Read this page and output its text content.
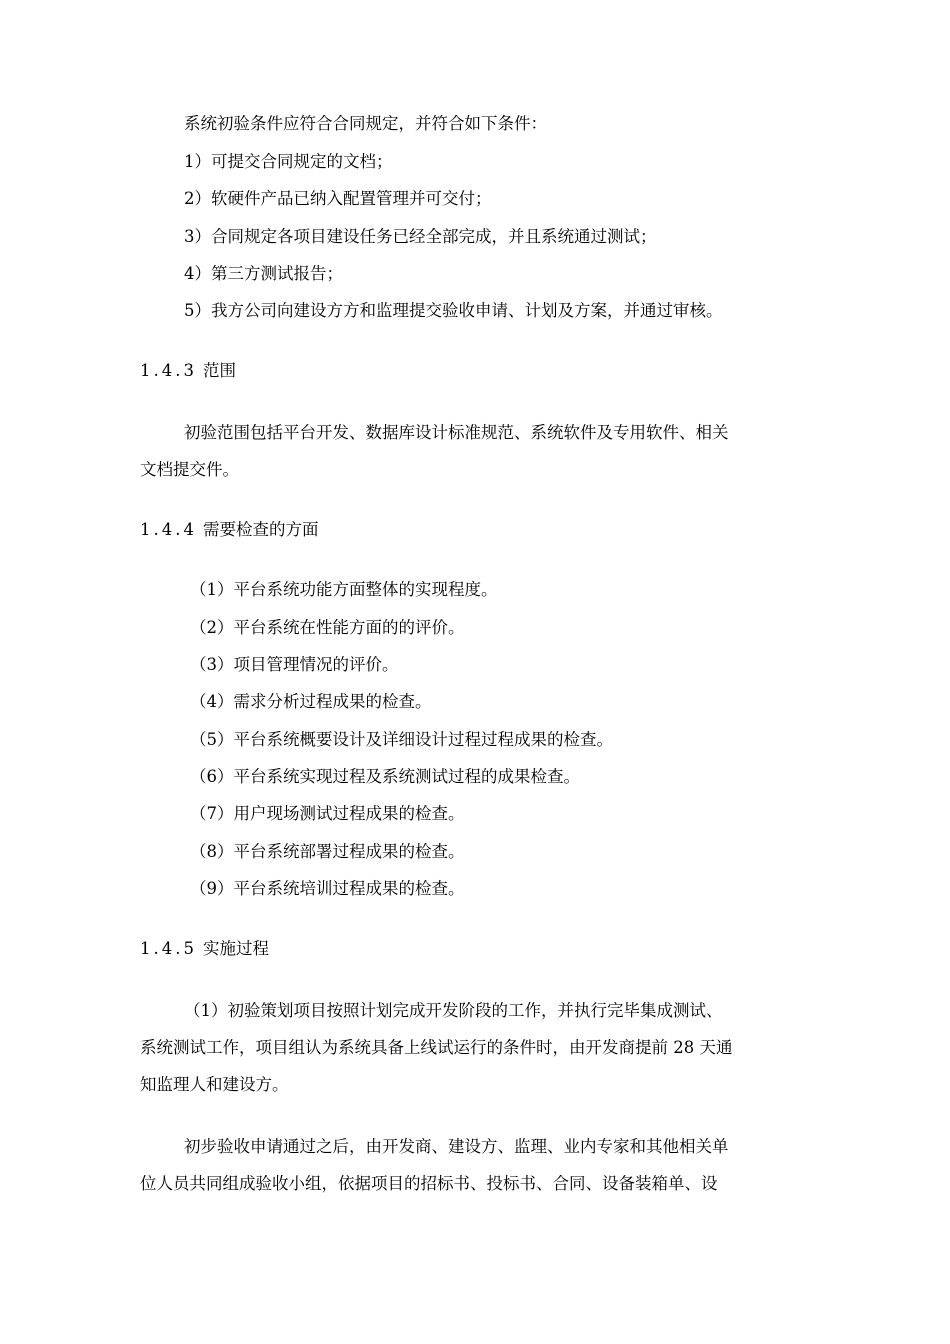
系统初验条件应符合合同规定，并符合如下条件：

1）可提交合同规定的文档；

2）软硬件产品已纳入配置管理并可交付；

3）合同规定各项目建设任务已经全部完成，并且系统通过测试；

4）第三方测试报告；

5）我方公司向建设方方和监理提交验收申请、计划及方案，并通过审核。

1.4.3 范围

初验范围包括平台开发、数据库设计标准规范、系统软件及专用软件、相关

文档提交件。

1.4.4 需要检查的方面

（1）平台系统功能方面整体的实现程度。

（2）平台系统在性能方面的的评价。

（3）项目管理情况的评价。

（4）需求分析过程成果的检查。

（5）平台系统概要设计及详细设计过程过程成果的检查。

（6）平台系统实现过程及系统测试过程的成果检查。

（7）用户现场测试过程成果的检查。

（8）平台系统部署过程成果的检查。

（9）平台系统培训过程成果的检查。

1.4.5 实施过程

（1）初验策划项目按照计划完成开发阶段的工作，并执行完毕集成测试、

系统测试工作，项目组认为系统具备上线试运行的条件时，由开发商提前 28 天通

知监理人和建设方。

初步验收申请通过之后，由开发商、建设方、监理、业内专家和其他相关单

位人员共同组成验收小组，依据项目的招标书、投标书、合同、设备装箱单、设
